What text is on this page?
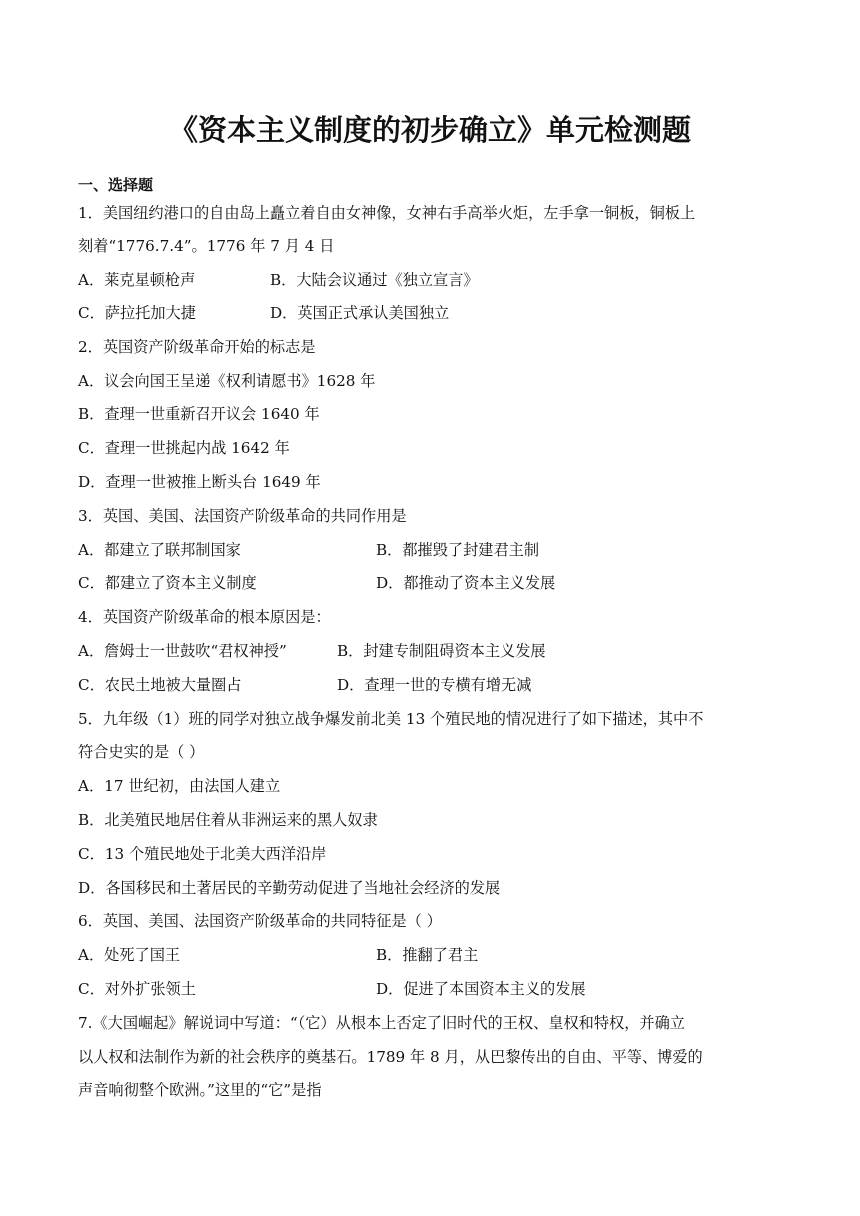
《资本主义制度的初步确立》单元检测题
一、选择题
1．美国纽约港口的自由岛上矗立着自由女神像，女神右手高举火炬，左手拿一铜板，铜板上
刻着“1776.7.4”。1776 年 7 月 4 日
A．莱克星顿枪声	B．大陆会议通过《独立宣言》
C．萨拉托加大捷	D．英国正式承认美国独立
2．英国资产阶级革命开始的标志是
A．议会向国王呈递《权利请愿书》1628 年
B．查理一世重新召开议会 1640 年
C．查理一世挑起内战 1642 年
D．查理一世被推上断头台 1649 年
3．英国、美国、法国资产阶级革命的共同作用是
A．都建立了联邦制国家	B．都摧毁了封建君主制
C．都建立了资本主义制度	D．都推动了资本主义发展
4．英国资产阶级革命的根本原因是：
A．詹姆士一世鼓吹“君权神授”	B．封建专制阻碍资本主义发展
C．农民土地被大量圈占	D．查理一世的专横有增无减
5．九年级（1）班的同学对独立战争爆发前北美 13 个殖民地的情况进行了如下描述，其中不
符合史实的是（ ）
A．17 世纪初，由法国人建立
B．北美殖民地居住着从非洲运来的黑人奴隶
C．13 个殖民地处于北美大西洋沿岸
D．各国移民和土著居民的辛勤劳动促进了当地社会经济的发展
6．英国、美国、法国资产阶级革命的共同特征是（ ）
A．处死了国王	B．推翻了君主
C．对外扩张领土	D．促进了本国资本主义的发展
7.《大国崛起》解说词中写道：“（它）从根本上否定了旧时代的王权、皇权和特权，并确立
以人权和法制作为新的社会秩序的奠基石。1789 年 8 月，从巴黎传出的自由、平等、博爱的
声音响彻整个欧洲。”这里的“它”是指
